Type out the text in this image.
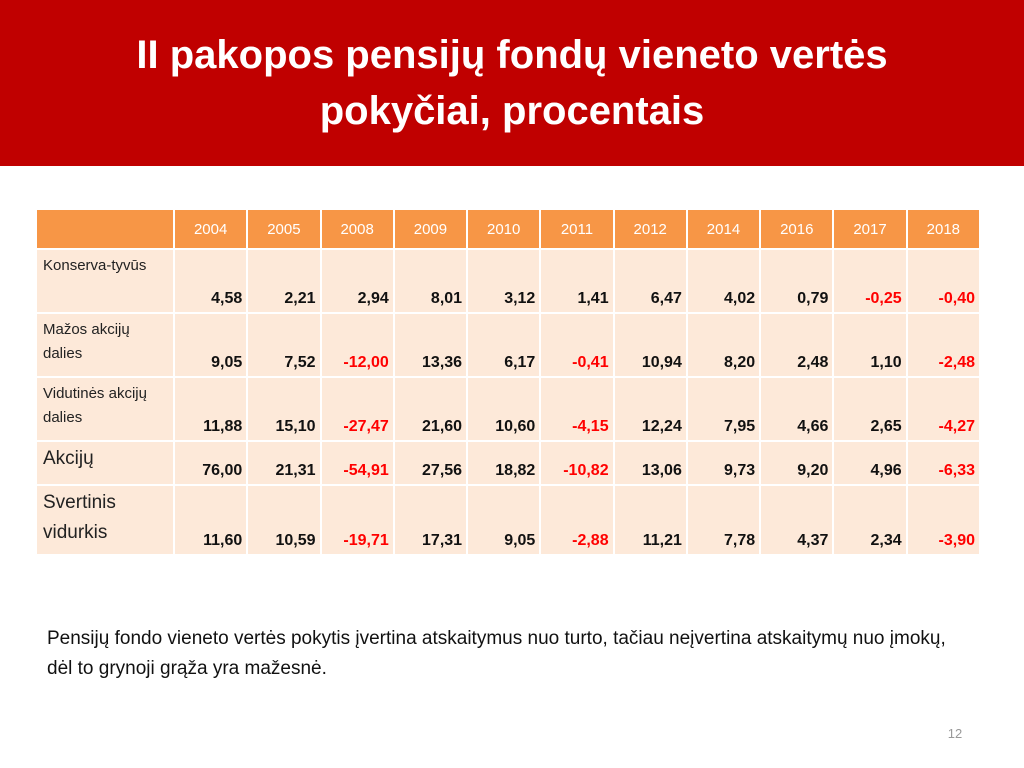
II pakopos pensijų fondų vieneto vertės pokyčiai, procentais
	2004	2005	2008	2009	2010	2011	2012	2014	2016	2017	2018
Konserva-tyvūs	4,58	2,21	2,94	8,01	3,12	1,41	6,47	4,02	0,79	-0,25	-0,40
Mažos akcijų dalies	9,05	7,52	-12,00	13,36	6,17	-0,41	10,94	8,20	2,48	1,10	-2,48
Vidutinės akcijų dalies	11,88	15,10	-27,47	21,60	10,60	-4,15	12,24	7,95	4,66	2,65	-4,27
Akcijų	76,00	21,31	-54,91	27,56	18,82	-10,82	13,06	9,73	9,20	4,96	-6,33
Svertinis vidurkis	11,60	10,59	-19,71	17,31	9,05	-2,88	11,21	7,78	4,37	2,34	-3,90

Pensijų fondo vieneto vertės pokytis įvertina atskaitymus nuo turto, tačiau neįvertina atskaitymų nuo įmokų, dėl to grynoji grąža yra mažesnė.

12
